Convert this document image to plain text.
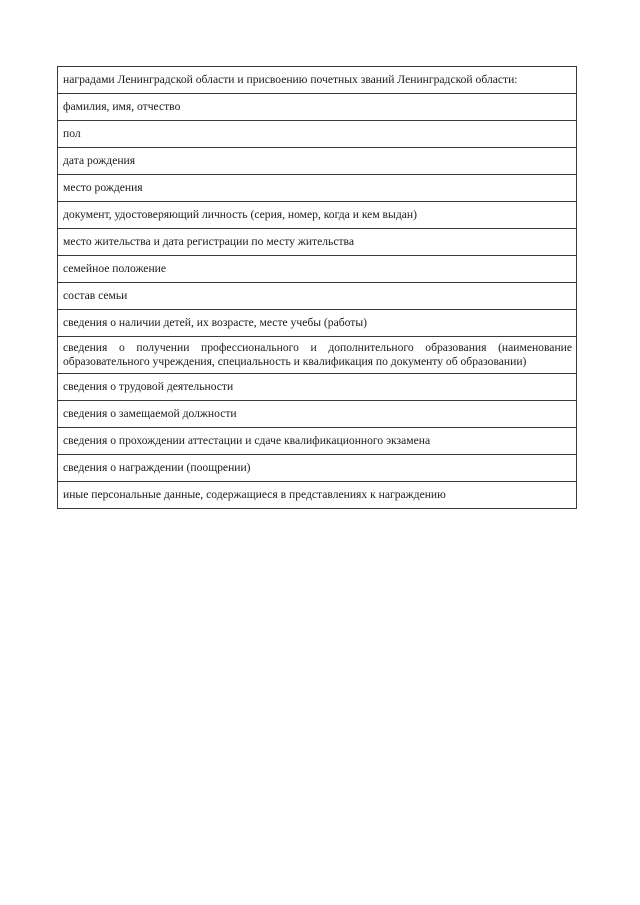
наградами Ленинградской области и присвоению почетных званий Ленинградской области:
фамилия, имя, отчество
пол
дата рождения
место рождения
документ, удостоверяющий личность (серия, номер, когда и кем выдан)
место жительства и дата регистрации по месту жительства
семейное положение
состав семьи
сведения о наличии детей, их возрасте, месте учебы (работы)
сведения о получении профессионального и дополнительного образования (наименование образовательного учреждения, специальность и квалификация по документу об образовании)
сведения о трудовой деятельности
сведения о замещаемой должности
сведения о прохождении аттестации и сдаче квалификационного экзамена
сведения о награждении (поощрении)
иные персональные данные, содержащиеся в представлениях к награждению
